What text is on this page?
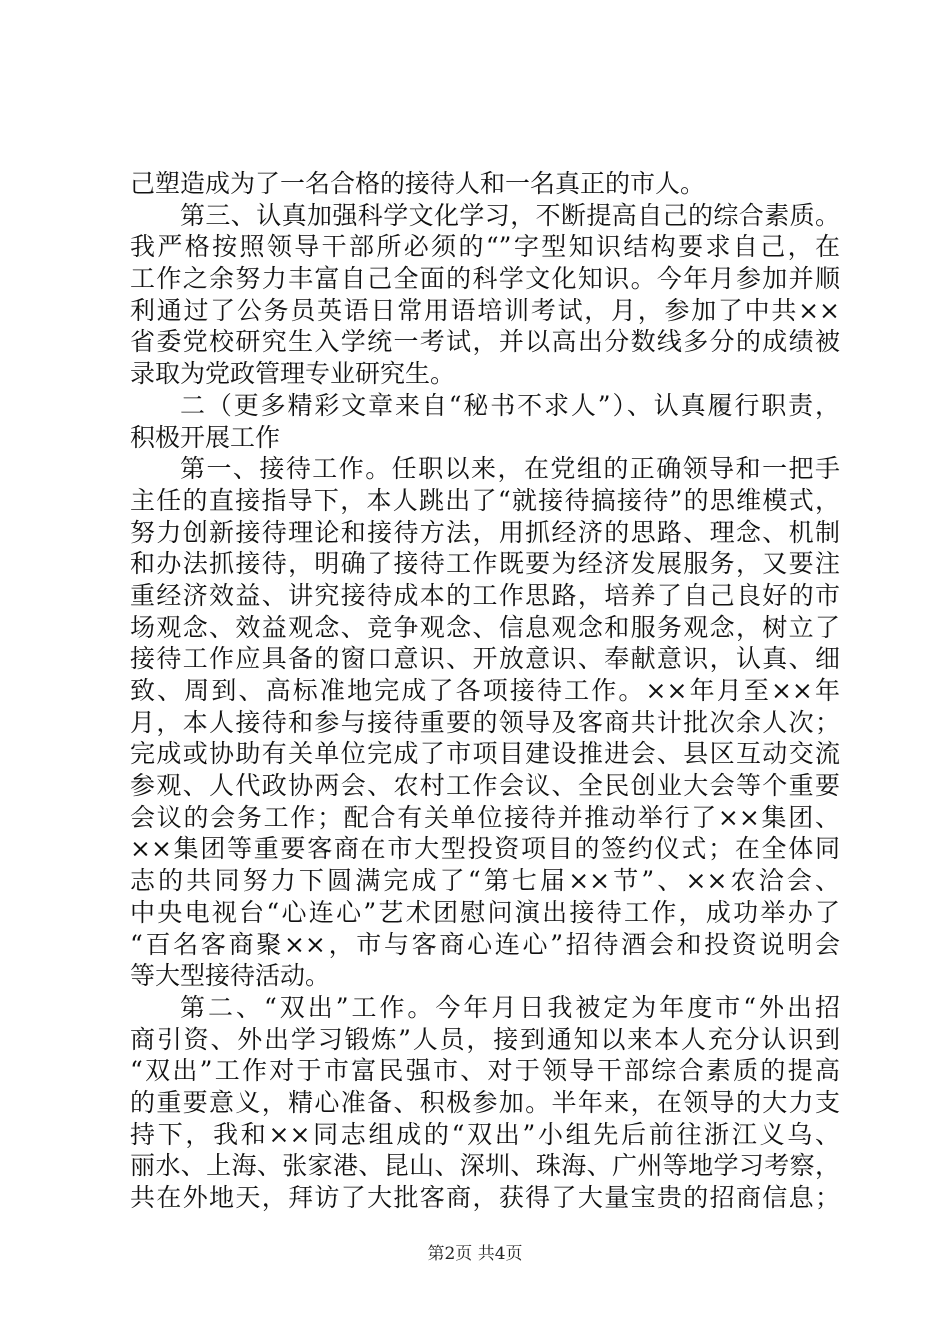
己塑造成为了一名合格的接待人和一名真正的市人。
第三、认真加强科学文化学习，不断提高自己的综合素质。
我严格按照领导干部所必须的“”字型知识结构要求自己，在
工作之余努力丰富自己全面的科学文化知识。今年月参加并顺
利通过了公务员英语日常用语培训考试，月，参加了中共××
省委党校研究生入学统一考试，并以高出分数线多分的成绩被
录取为党政管理专业研究生。
二（更多精彩文章来自“秘书不求人”）、认真履行职责，
积极开展工作
第一、接待工作。任职以来，在党组的正确领导和一把手
主任的直接指导下，本人跳出了“就接待搞接待”的思维模式，
努力创新接待理论和接待方法，用抓经济的思路、理念、机制
和办法抓接待，明确了接待工作既要为经济发展服务，又要注
重经济效益、讲究接待成本的工作思路，培养了自己良好的市
场观念、效益观念、竞争观念、信息观念和服务观念，树立了
接待工作应具备的窗口意识、开放意识、奉献意识，认真、细
致、周到、高标准地完成了各项接待工作。××年月至××年
月，本人接待和参与接待重要的领导及客商共计批次余人次；
完成或协助有关单位完成了市项目建设推进会、县区互动交流
参观、人代政协两会、农村工作会议、全民创业大会等个重要
会议的会务工作；配合有关单位接待并推动举行了××集团、
××集团等重要客商在市大型投资项目的签约仪式；在全体同
志的共同努力下圆满完成了“第七届××节”、××农洽会、
中央电视台“心连心”艺术团慰问演出接待工作，成功举办了
“百名客商聚××，市与客商心连心”招待酒会和投资说明会
等大型接待活动。
第二、“双出”工作。今年月日我被定为年度市“外出招
商引资、外出学习锻炼”人员，接到通知以来本人充分认识到
“双出”工作对于市富民强市、对于领导干部综合素质的提高
的重要意义，精心准备、积极参加。半年来，在领导的大力支
持下，我和××同志组成的“双出”小组先后前往浙江义乌、
丽水、上海、张家港、昆山、深圳、珠海、广州等地学习考察，
共在外地天，拜访了大批客商，获得了大量宝贵的招商信息；
第2页 共4页
